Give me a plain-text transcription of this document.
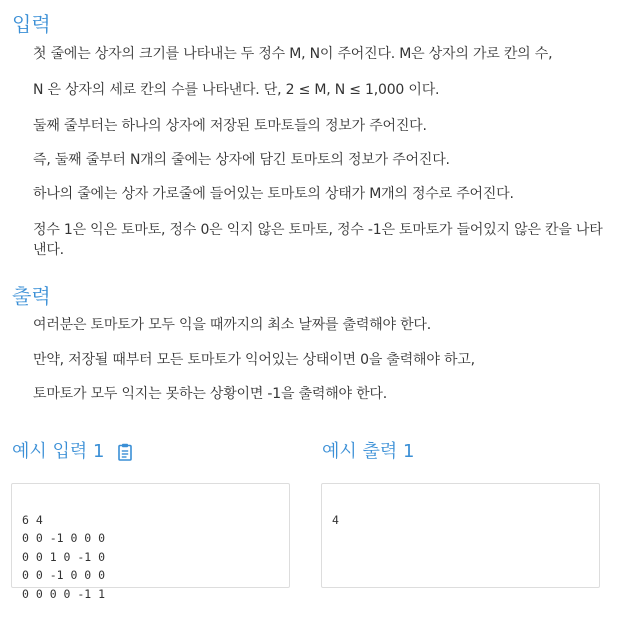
입력

첫 줄에는 상자의 크기를 나타내는 두 정수 M, N이 주어진다. M은 상자의 가로 칸의 수,

N 은 상자의 세로 칸의 수를 나타낸다. 단, 2 ≤ M, N ≤ 1,000 이다.

둘째 줄부터는 하나의 상자에 저장된 토마토들의 정보가 주어진다.

즉, 둘째 줄부터 N개의 줄에는 상자에 담긴 토마토의 정보가 주어진다.

하나의 줄에는 상자 가로줄에 들어있는 토마토의 상태가 M개의 정수로 주어진다.

정수 1은 익은 토마토, 정수 0은 익지 않은 토마토, 정수 -1은 토마토가 들어있지 않은 칸을 나타낸다.

출력

여러분은 토마토가 모두 익을 때까지의 최소 날짜를 출력해야 한다.

만약, 저장될 때부터 모든 토마토가 익어있는 상태이면 0을 출력해야 하고,

토마토가 모두 익지는 못하는 상황이면 -1을 출력해야 한다.

예시 입력 1

6 4
0 0 -1 0 0 0
0 0 1 0 -1 0
0 0 -1 0 0 0
0 0 0 0 -1 1

예시 출력 1

4
